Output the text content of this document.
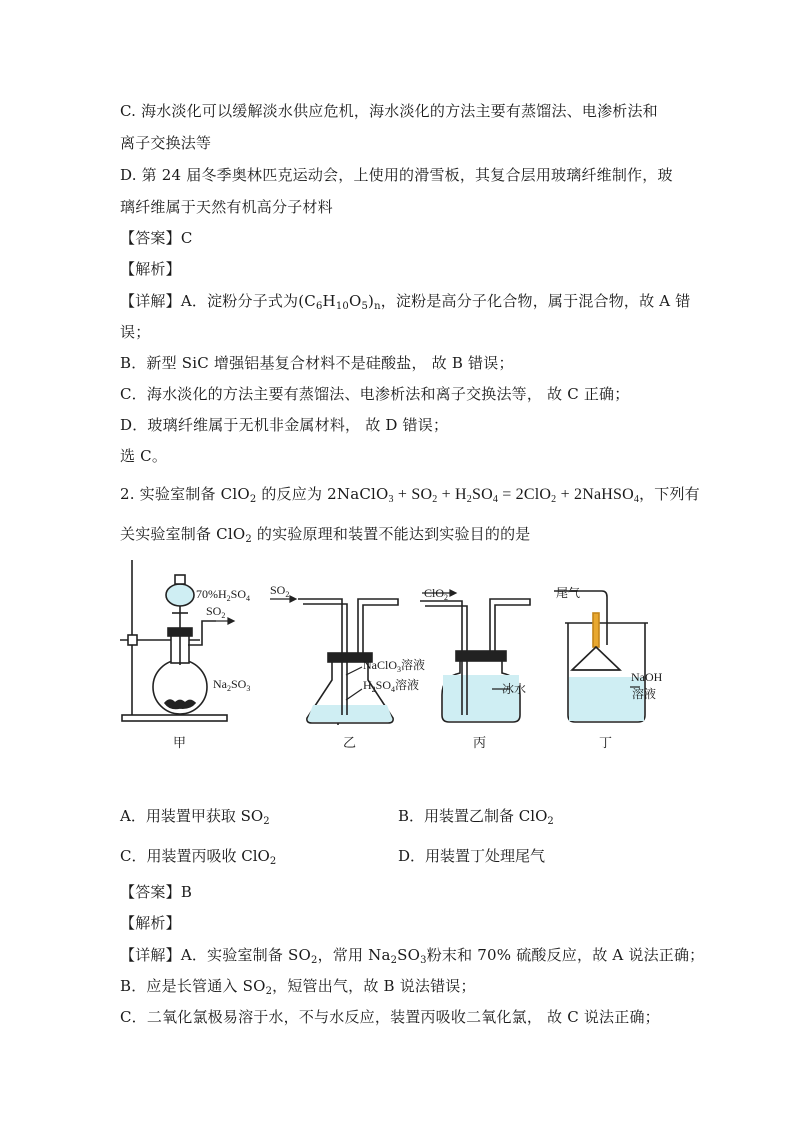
C. 海水淡化可以缓解淡水供应危机，海水淡化的方法主要有蒸馏法、电渗析法和
离子交换法等
D. 第 24 届冬季奥林匹克运动会，上使用的滑雪板，其复合层用玻璃纤维制作，玻
璃纤维属于天然有机高分子材料
【答案】C
【解析】
【详解】A．淀粉分子式为$(C_6H_{10}O_5)_n$，淀粉是高分子化合物，属于混合物，故 A 错
误；
B．新型 SiC 增强铝基复合材料不是硅酸盐， 故 B 错误；
C．海水淡化的方法主要有蒸馏法、电渗析法和离子交换法等， 故 C 正确；
D．玻璃纤维属于无机非金属材料， 故 D 错误；
选 C。
2. 实验室制备 ClO$_2$ 的反应为 2NaClO$_3$ + $SO_2 + H_2SO_4 = 2ClO_2$ + 2NaHSO$_4$，下列有
关实验室制备 ClO$_2$ 的实验原理和装置不能达到实验目的的是
$70\%H_2SO_4$
$SO_2$
$Na_2SO_3$
$SO_2$
NaClO$_3$溶液
$H_2SO_4$溶液
ClO$_2$
冰水
尾气
NaOH
溶液
甲	乙	丙	丁
A．用装置甲获取 $SO_2$	B．用装置乙制备 ClO$_2$
C．用装置丙吸收 ClO$_2$	D．用装置丁处理尾气
【答案】B
【解析】
【详解】A．实验室制备 $SO_2$，常用 $Na_2SO_3$粉末和 70% 硫酸反应，故 A 说法正确；
B．应是长管通入 $SO_2$，短管出气，故 B 说法错误；
C．二氧化氯极易溶于水，不与水反应，装置丙吸收二氧化氯， 故 C 说法正确；
